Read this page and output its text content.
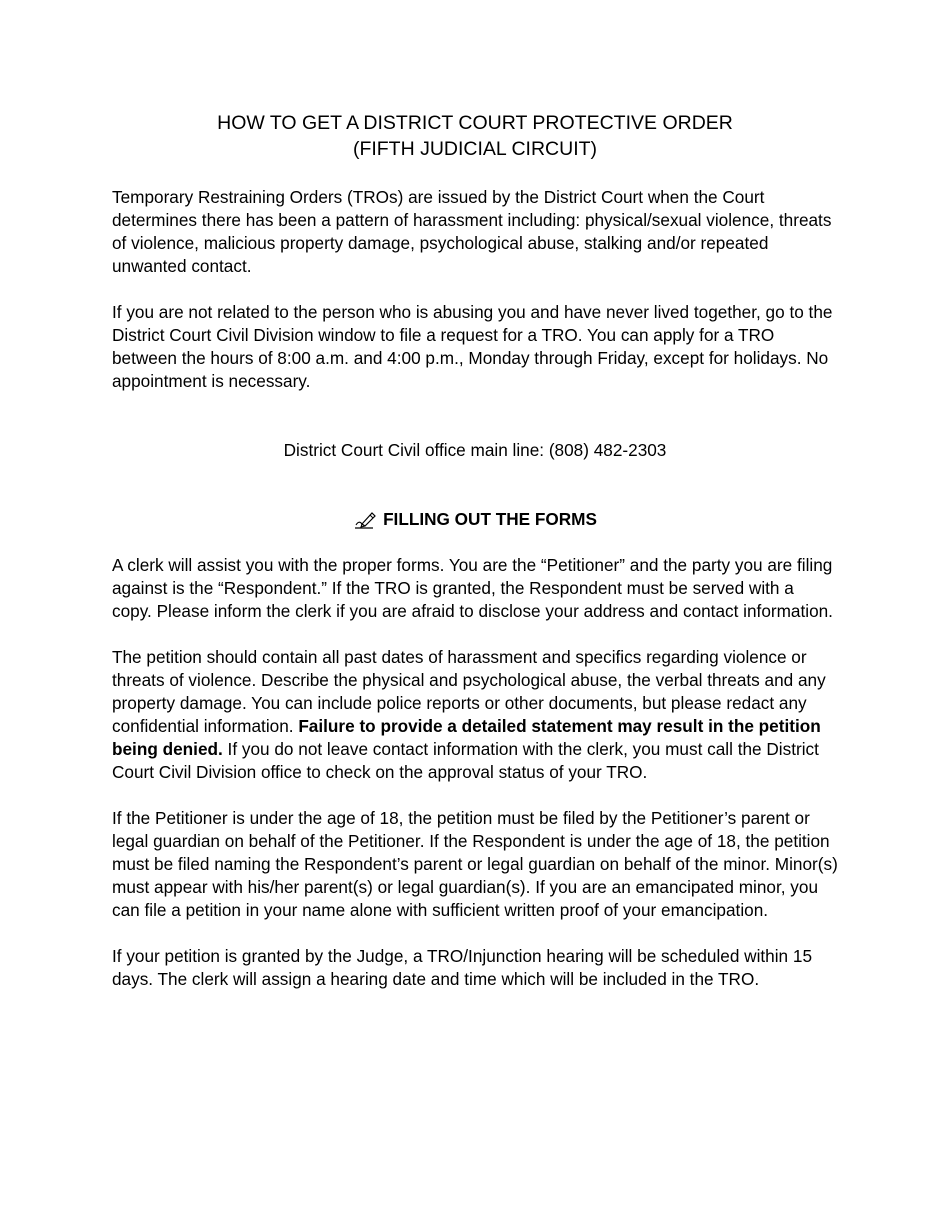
HOW TO GET A DISTRICT COURT PROTECTIVE ORDER
(FIFTH JUDICIAL CIRCUIT)

Temporary Restraining Orders (TROs) are issued by the District Court when the Court determines there has been a pattern of harassment including: physical/sexual violence, threats of violence, malicious property damage, psychological abuse, stalking and/or repeated unwanted contact.

If you are not related to the person who is abusing you and have never lived together, go to the District Court Civil Division window to file a request for a TRO. You can apply for a TRO between the hours of 8:00 a.m. and 4:00 p.m., Monday through Friday, except for holidays. No appointment is necessary.

District Court Civil office main line: (808) 482-2303

FILLING OUT THE FORMS

A clerk will assist you with the proper forms. You are the “Petitioner” and the party you are filing against is the “Respondent.” If the TRO is granted, the Respondent must be served with a copy. Please inform the clerk if you are afraid to disclose your address and contact information.

The petition should contain all past dates of harassment and specifics regarding violence or threats of violence. Describe the physical and psychological abuse, the verbal threats and any property damage. You can include police reports or other documents, but please redact any confidential information. Failure to provide a detailed statement may result in the petition being denied. If you do not leave contact information with the clerk, you must call the District Court Civil Division office to check on the approval status of your TRO.

If the Petitioner is under the age of 18, the petition must be filed by the Petitioner’s parent or legal guardian on behalf of the Petitioner. If the Respondent is under the age of 18, the petition must be filed naming the Respondent’s parent or legal guardian on behalf of the minor. Minor(s) must appear with his/her parent(s) or legal guardian(s). If you are an emancipated minor, you can file a petition in your name alone with sufficient written proof of your emancipation.

If your petition is granted by the Judge, a TRO/Injunction hearing will be scheduled within 15 days. The clerk will assign a hearing date and time which will be included in the TRO.
